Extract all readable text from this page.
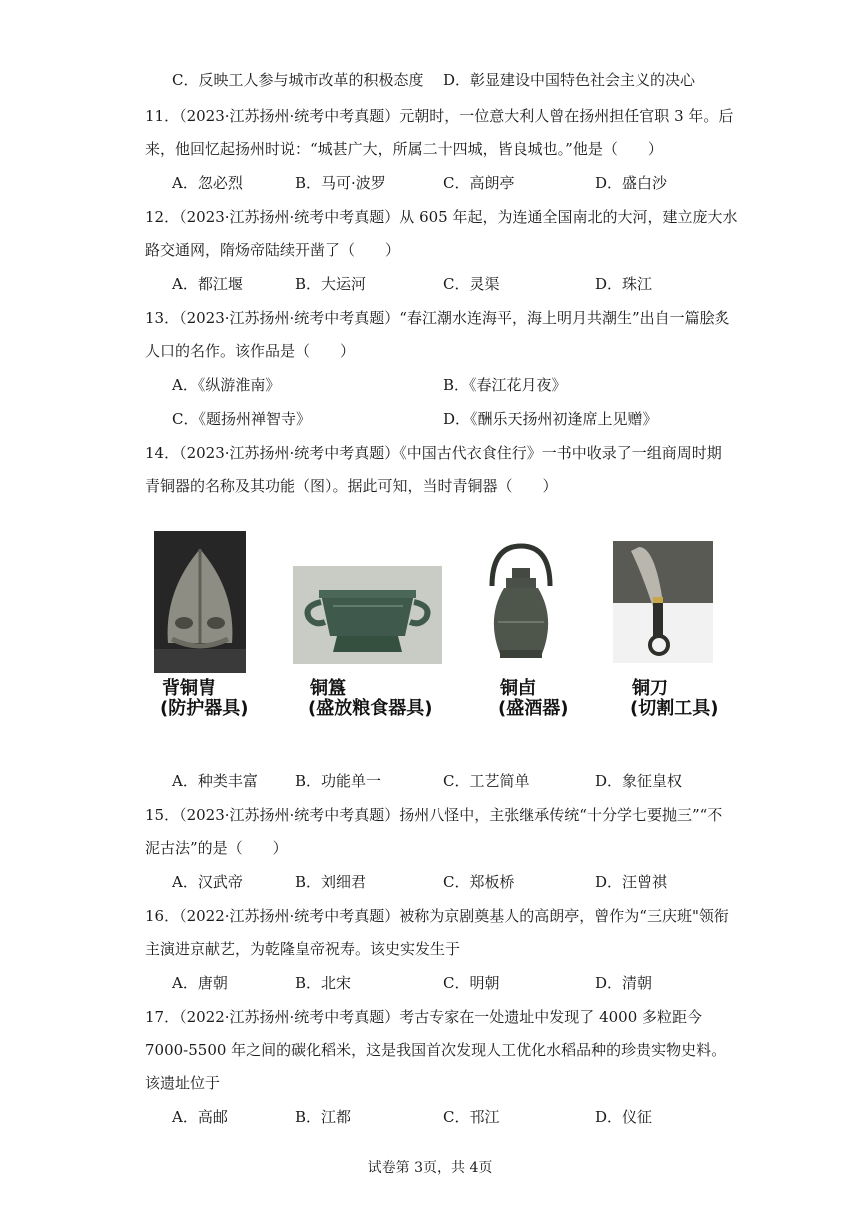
C．反映工人参与城市改革的积极态度 D．彰显建设中国特色社会主义的决心
11．（2023·江苏扬州·统考中考真题）元朝时，一位意大利人曾在扬州担任官职 3 年。后
来，他回忆起扬州时说：“城甚广大，所属二十四城，皆良城也。”他是（　　）
A．忽必烈	B．马可·波罗	C．高朗亭	D．盛白沙
12．（2023·江苏扬州·统考中考真题）从 605 年起，为连通全国南北的大河，建立庞大水
路交通网，隋炀帝陆续开凿了（　　）
A．都江堰	B．大运河	C．灵渠	D．珠江
13．（2023·江苏扬州·统考中考真题）“春江潮水连海平，海上明月共潮生”出自一篇脍炙
人口的名作。该作品是（　　）
A．《纵游淮南》	B．《春江花月夜》
C．《题扬州禅智寺》	D．《酬乐天扬州初逢席上见赠》
14．（2023·江苏扬州·统考中考真题）《中国古代衣食住行》一书中收录了一组商周时期
青铜器的名称及其功能（图）。据此可知，当时青铜器（　　）
背铜胄
(防护器具)
铜簋
(盛放粮食器具)
铜卣
(盛酒器)
铜刀
(切割工具)
A．种类丰富 B．功能单一	C．工艺简单	D．象征皇权
15．（2023·江苏扬州·统考中考真题）扬州八怪中，主张继承传统“十分学七要抛三”“不
泥古法”的是（　　）
A．汉武帝	B．刘细君	C．郑板桥	D．汪曾祺
16．（2022·江苏扬州·统考中考真题）被称为京剧奠基人的高朗亭，曾作为“三庆班"领衔
主演进京献艺，为乾隆皇帝祝寿。该史实发生于
A．唐朝	B．北宋	C．明朝	D．清朝
17．（2022·江苏扬州·统考中考真题）考古专家在一处遗址中发现了 4000 多粒距今
7000-5500 年之间的碳化稻米，这是我国首次发现人工优化水稻品种的珍贵实物史料。
该遗址位于
A．高邮	B．江都	C．邗江	D．仪征
试卷第 3页，共 4页
